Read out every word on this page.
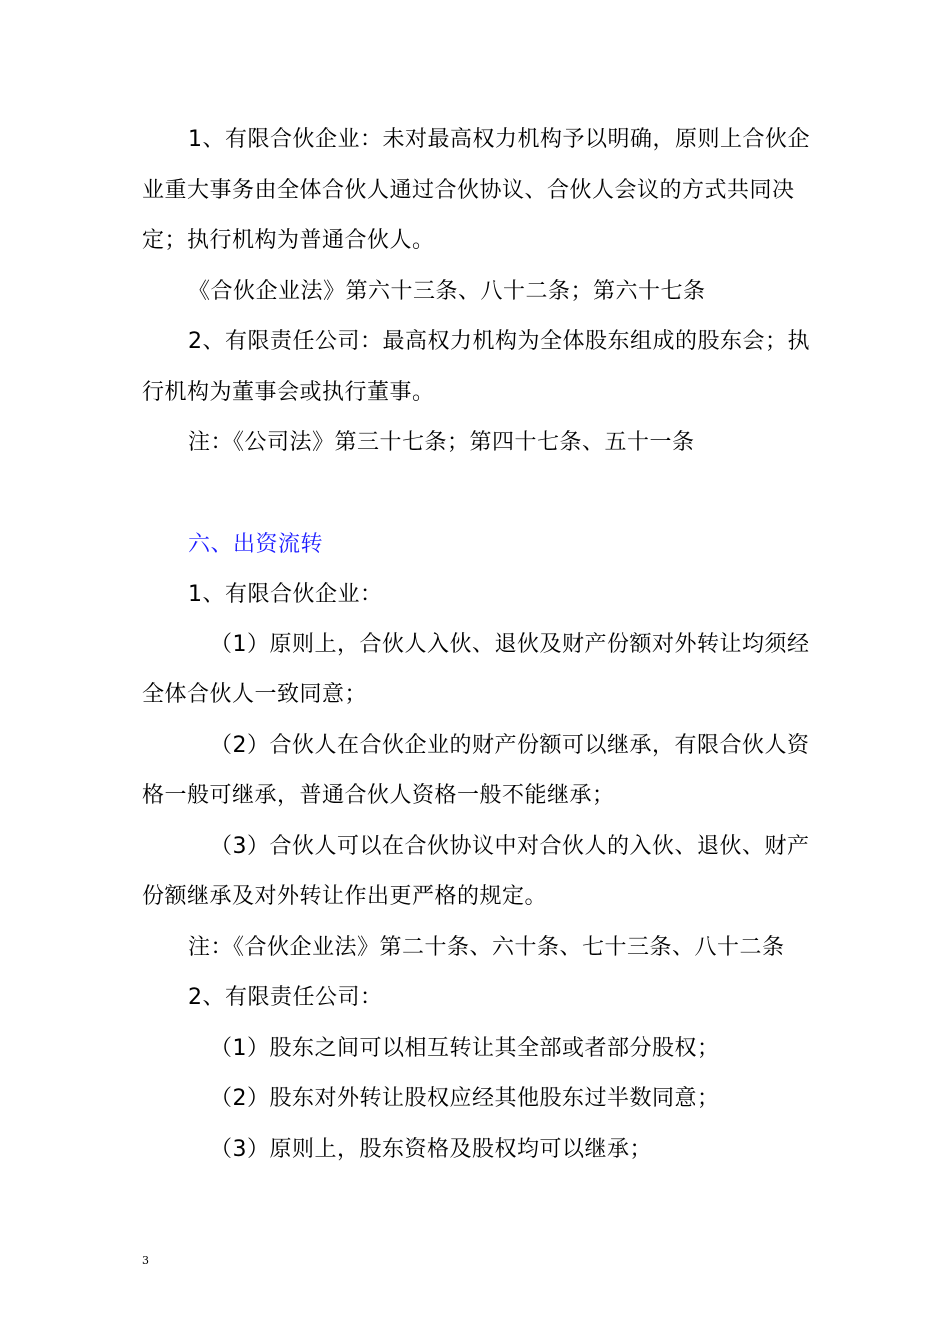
1、有限合伙企业：未对最高权力机构予以明确，原则上合伙企
业重大事务由全体合伙人通过合伙协议、合伙人会议的方式共同决
定；执行机构为普通合伙人。
《合伙企业法》第六十三条、八十二条；第六十七条
2、有限责任公司：最高权力机构为全体股东组成的股东会；执
行机构为董事会或执行董事。
注：《公司法》第三十七条；第四十七条、五十一条
六、出资流转
1、有限合伙企业：
（1）原则上，合伙人入伙、退伙及财产份额对外转让均须经
全体合伙人一致同意；
（2）合伙人在合伙企业的财产份额可以继承，有限合伙人资
格一般可继承，普通合伙人资格一般不能继承；
（3）合伙人可以在合伙协议中对合伙人的入伙、退伙、财产
份额继承及对外转让作出更严格的规定。
注：《合伙企业法》第二十条、六十条、七十三条、八十二条
2、有限责任公司：
（1）股东之间可以相互转让其全部或者部分股权；
（2）股东对外转让股权应经其他股东过半数同意；
（3）原则上，股东资格及股权均可以继承；
3
